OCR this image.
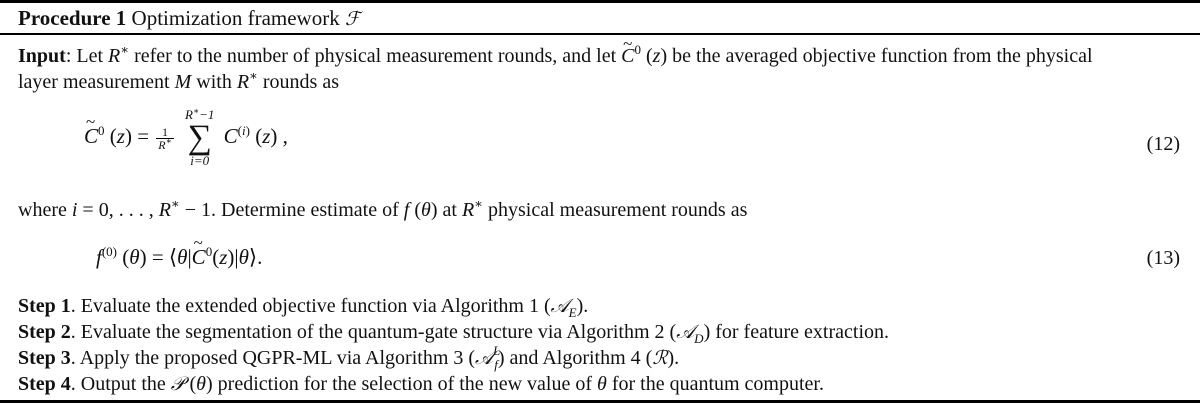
Procedure 1 Optimization framework ℱ
Input: Let R∗ refer to the number of physical measurement rounds, and let ~ $C^0$ (z) be the averaged objective function from the physical
layer measurement M with R∗ rounds as
~ $C^0$ $(z) = \frac{1}{R^∗}$

R∗−1
∑
i=0
$C^{(i)}$ (z) ,	(12)
where i = 0, . . . , R∗ − 1. Determine estimate of f (θ) at R∗ physical measurement rounds as
$f^{(0)}$ (θ) = ⟨θ|~ $C^0(z)|\theta⟩$.	(13)
Step 1. Evaluate the extended objective function via Algorithm 1 (𝒜$_E$).
Step 2. Evaluate the segmentation of the quantum-gate structure via Algorithm 2 (𝒜$_D$) for feature extraction.
Step 3. Apply the proposed QGPR-ML via Algorithm 3 (𝒜$^L_f$) and Algorithm 4 (ℛ).
Step 4. Output the 𝒫 (θ) prediction for the selection of the new value of θ for the quantum computer.
